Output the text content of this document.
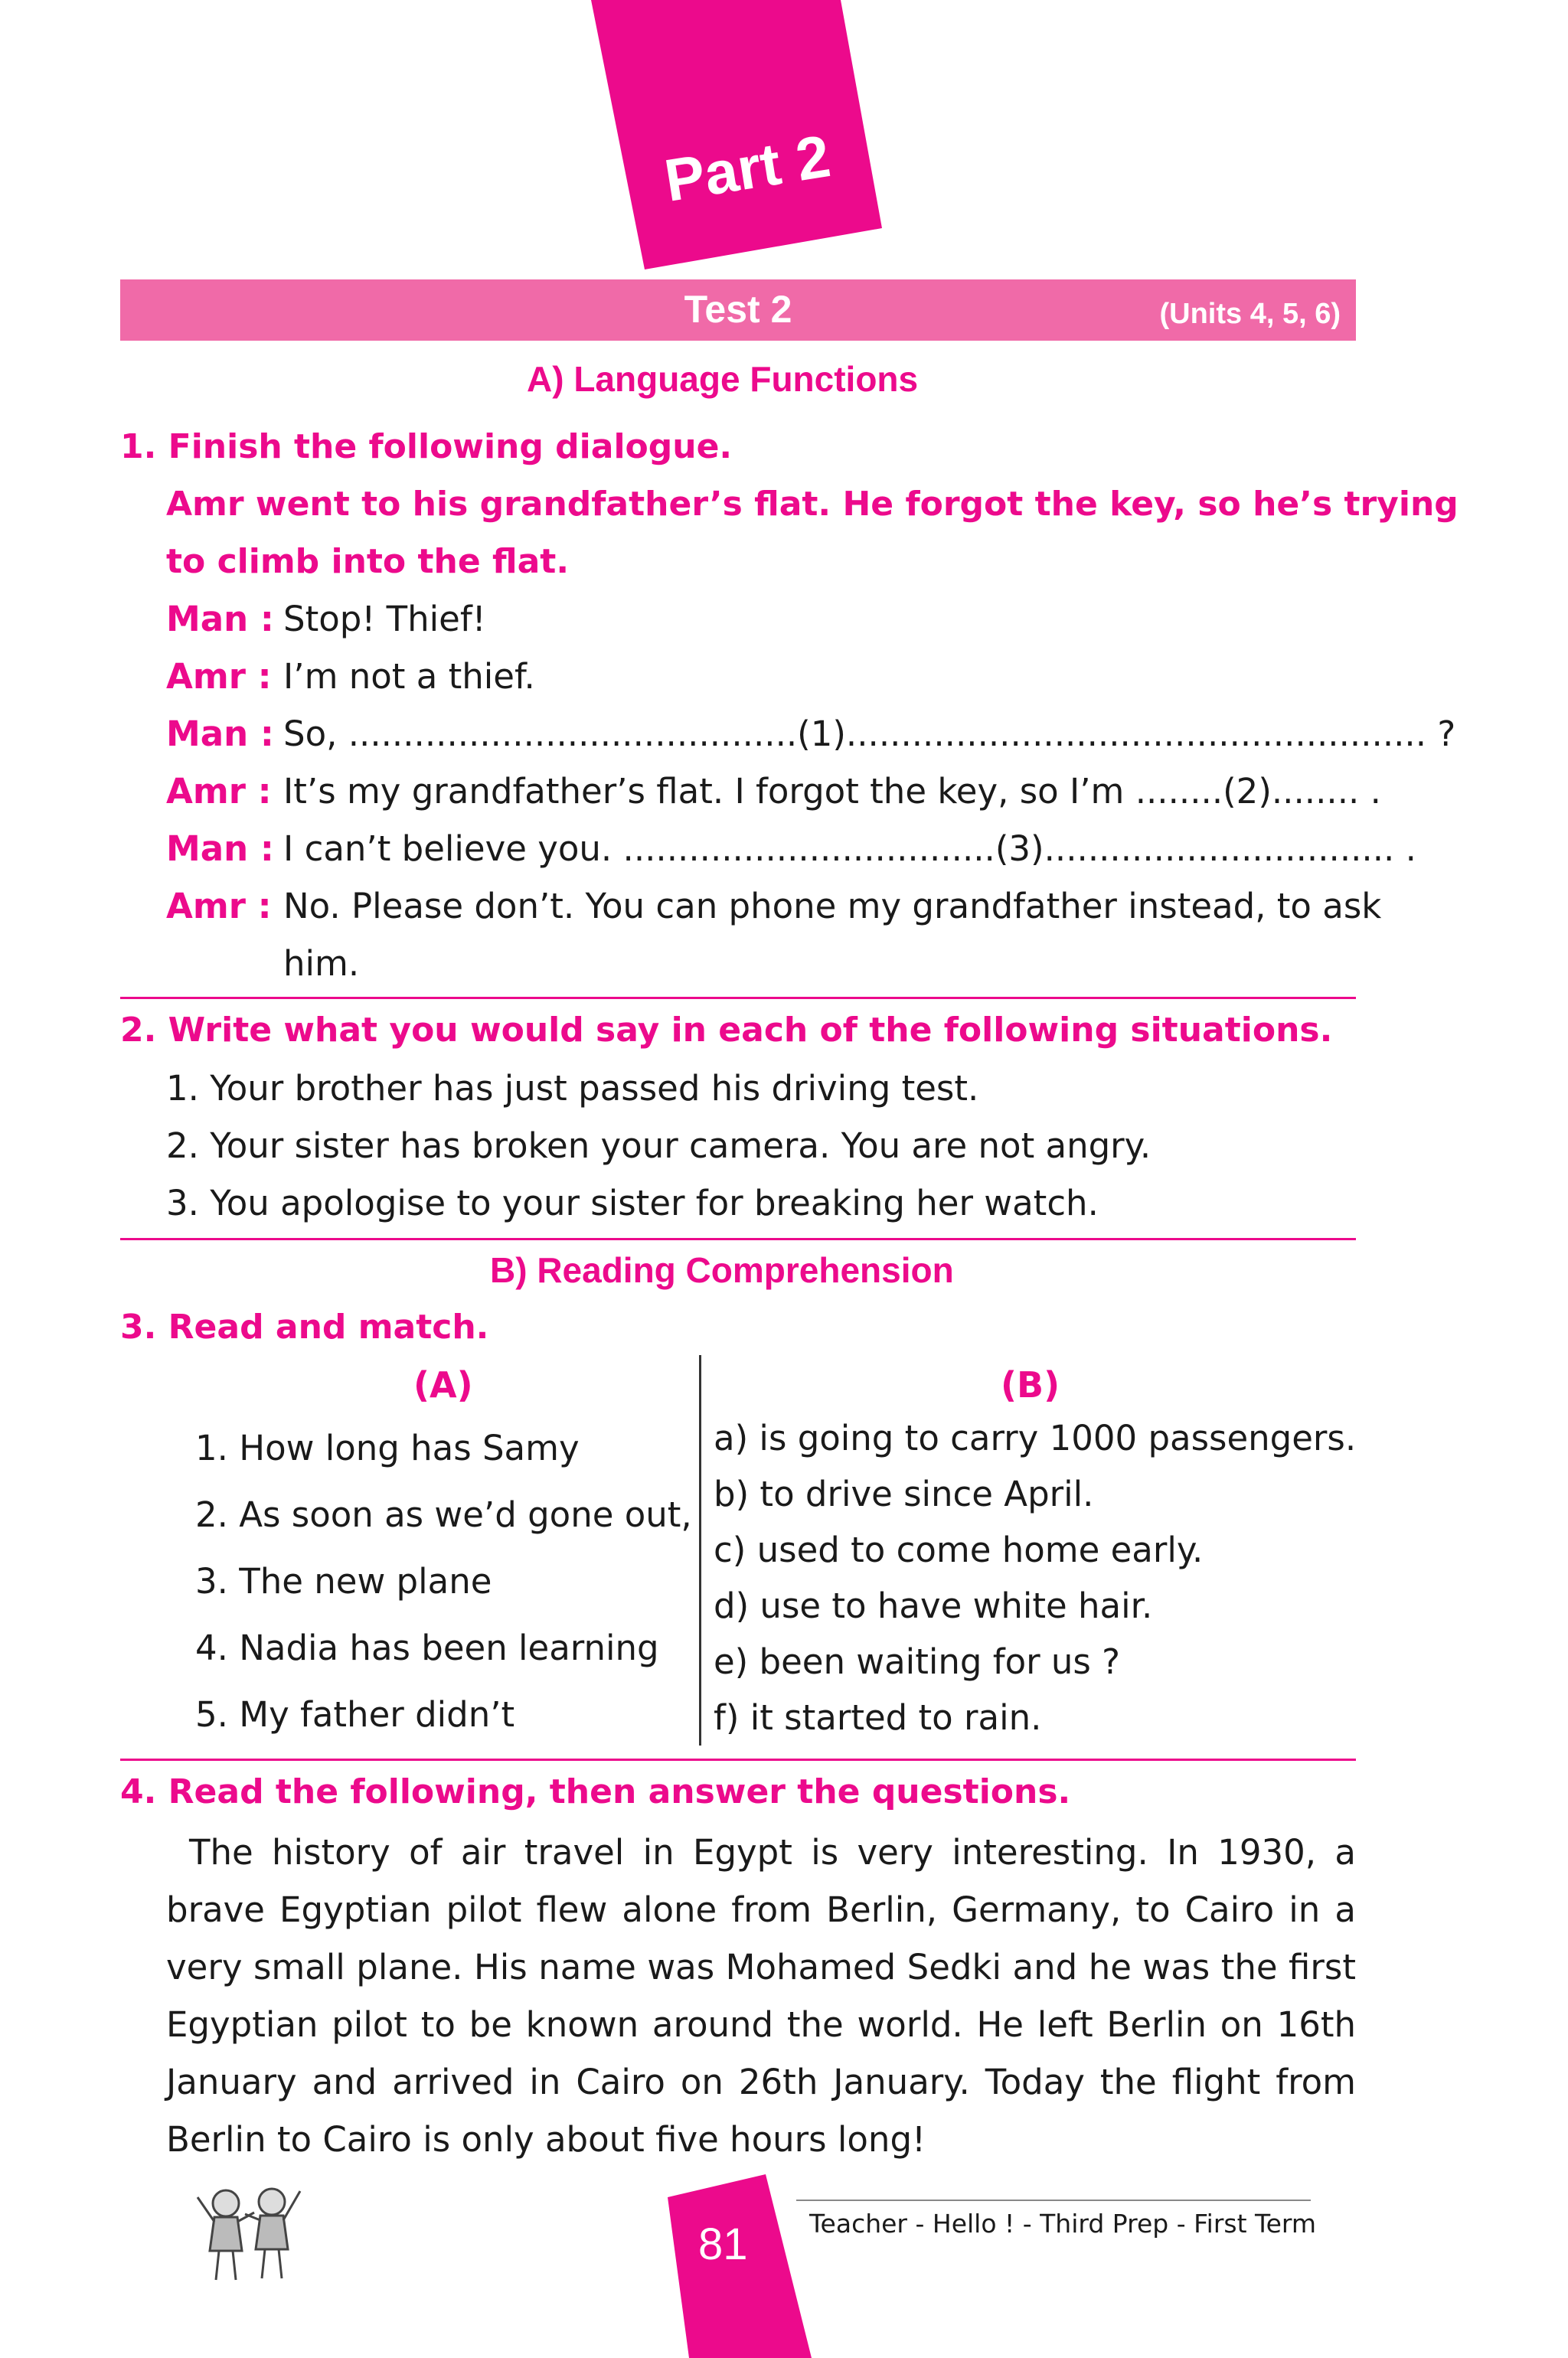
Part 2
Test 2	(Units 4, 5, 6)
A) Language Functions
1. Finish the following dialogue.
Amr went to his grandfather’s flat. He forgot the key, so he’s trying
to climb into the flat.
Man : Stop! Thief!
Amr : I’m not a thief.
Man : So, .........................................(1)..................................................... ?
Amr : It’s my grandfather’s flat. I forgot the key, so I’m ........(2)........ .
Man : I can’t believe you. ..................................(3)................................ .
Amr : No. Please don’t. You can phone my grandfather instead, to ask
him.
2. Write what you would say in each of the following situations.
1. Your brother has just passed his driving test.
2. Your sister has broken your camera. You are not angry.
3. You apologise to your sister for breaking her watch.
B) Reading Comprehension
3. Read and match.
(A)	(B)
1. How long has Samy
2. As soon as we’d gone out,
3. The new plane
4. Nadia has been learning
5. My father didn’t
a) is going to carry 1000 passengers.
b) to drive since April.
c) used to come home early.
d) use to have white hair.
e) been waiting for us ?
f) it started to rain.
4. Read the following, then answer the questions.
The history of air travel in Egypt is very interesting. In 1930, a brave Egyptian pilot flew alone from Berlin, Germany, to Cairo in a very small plane. His name was Mohamed Sedki and he was the first Egyptian pilot to be known around the world. He left Berlin on 16th January and arrived in Cairo on 26th January. Today the flight from Berlin to Cairo is only about five hours long!
81 Teacher - Hello ! - Third Prep - First Term
